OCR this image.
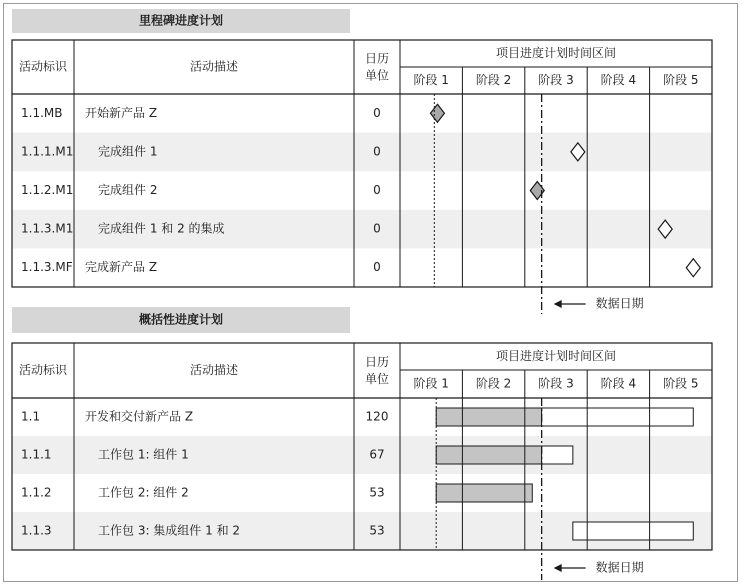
里程碑进度计划
活动标识	活动描述
日历
单位
项目进度计划时间区间
阶段 1 阶段 2 阶段 3 阶段 4 阶段 5
1.1.MB 开始新产品 Z	0
1.1.1.M1 完成组件 1	0
1.1.2.M1 完成组件 2	0
1.1.3.M1 完成组件 1 和 2 的集成	0
1.1.3.MF 完成新产品 Z	0
数据日期
概括性进度计划
活动标识	活动描述
日历
单位
项目进度计划时间区间
阶段 1 阶段 2 阶段 3 阶段 4 阶段 5
1.1	开发和交付新产品 Z	120
1.1.1	工作包 1: 组件 1	67
1.1.2	工作包 2: 组件 2	53
1.1.3	工作包 3: 集成组件 1 和 2	53
数据日期
